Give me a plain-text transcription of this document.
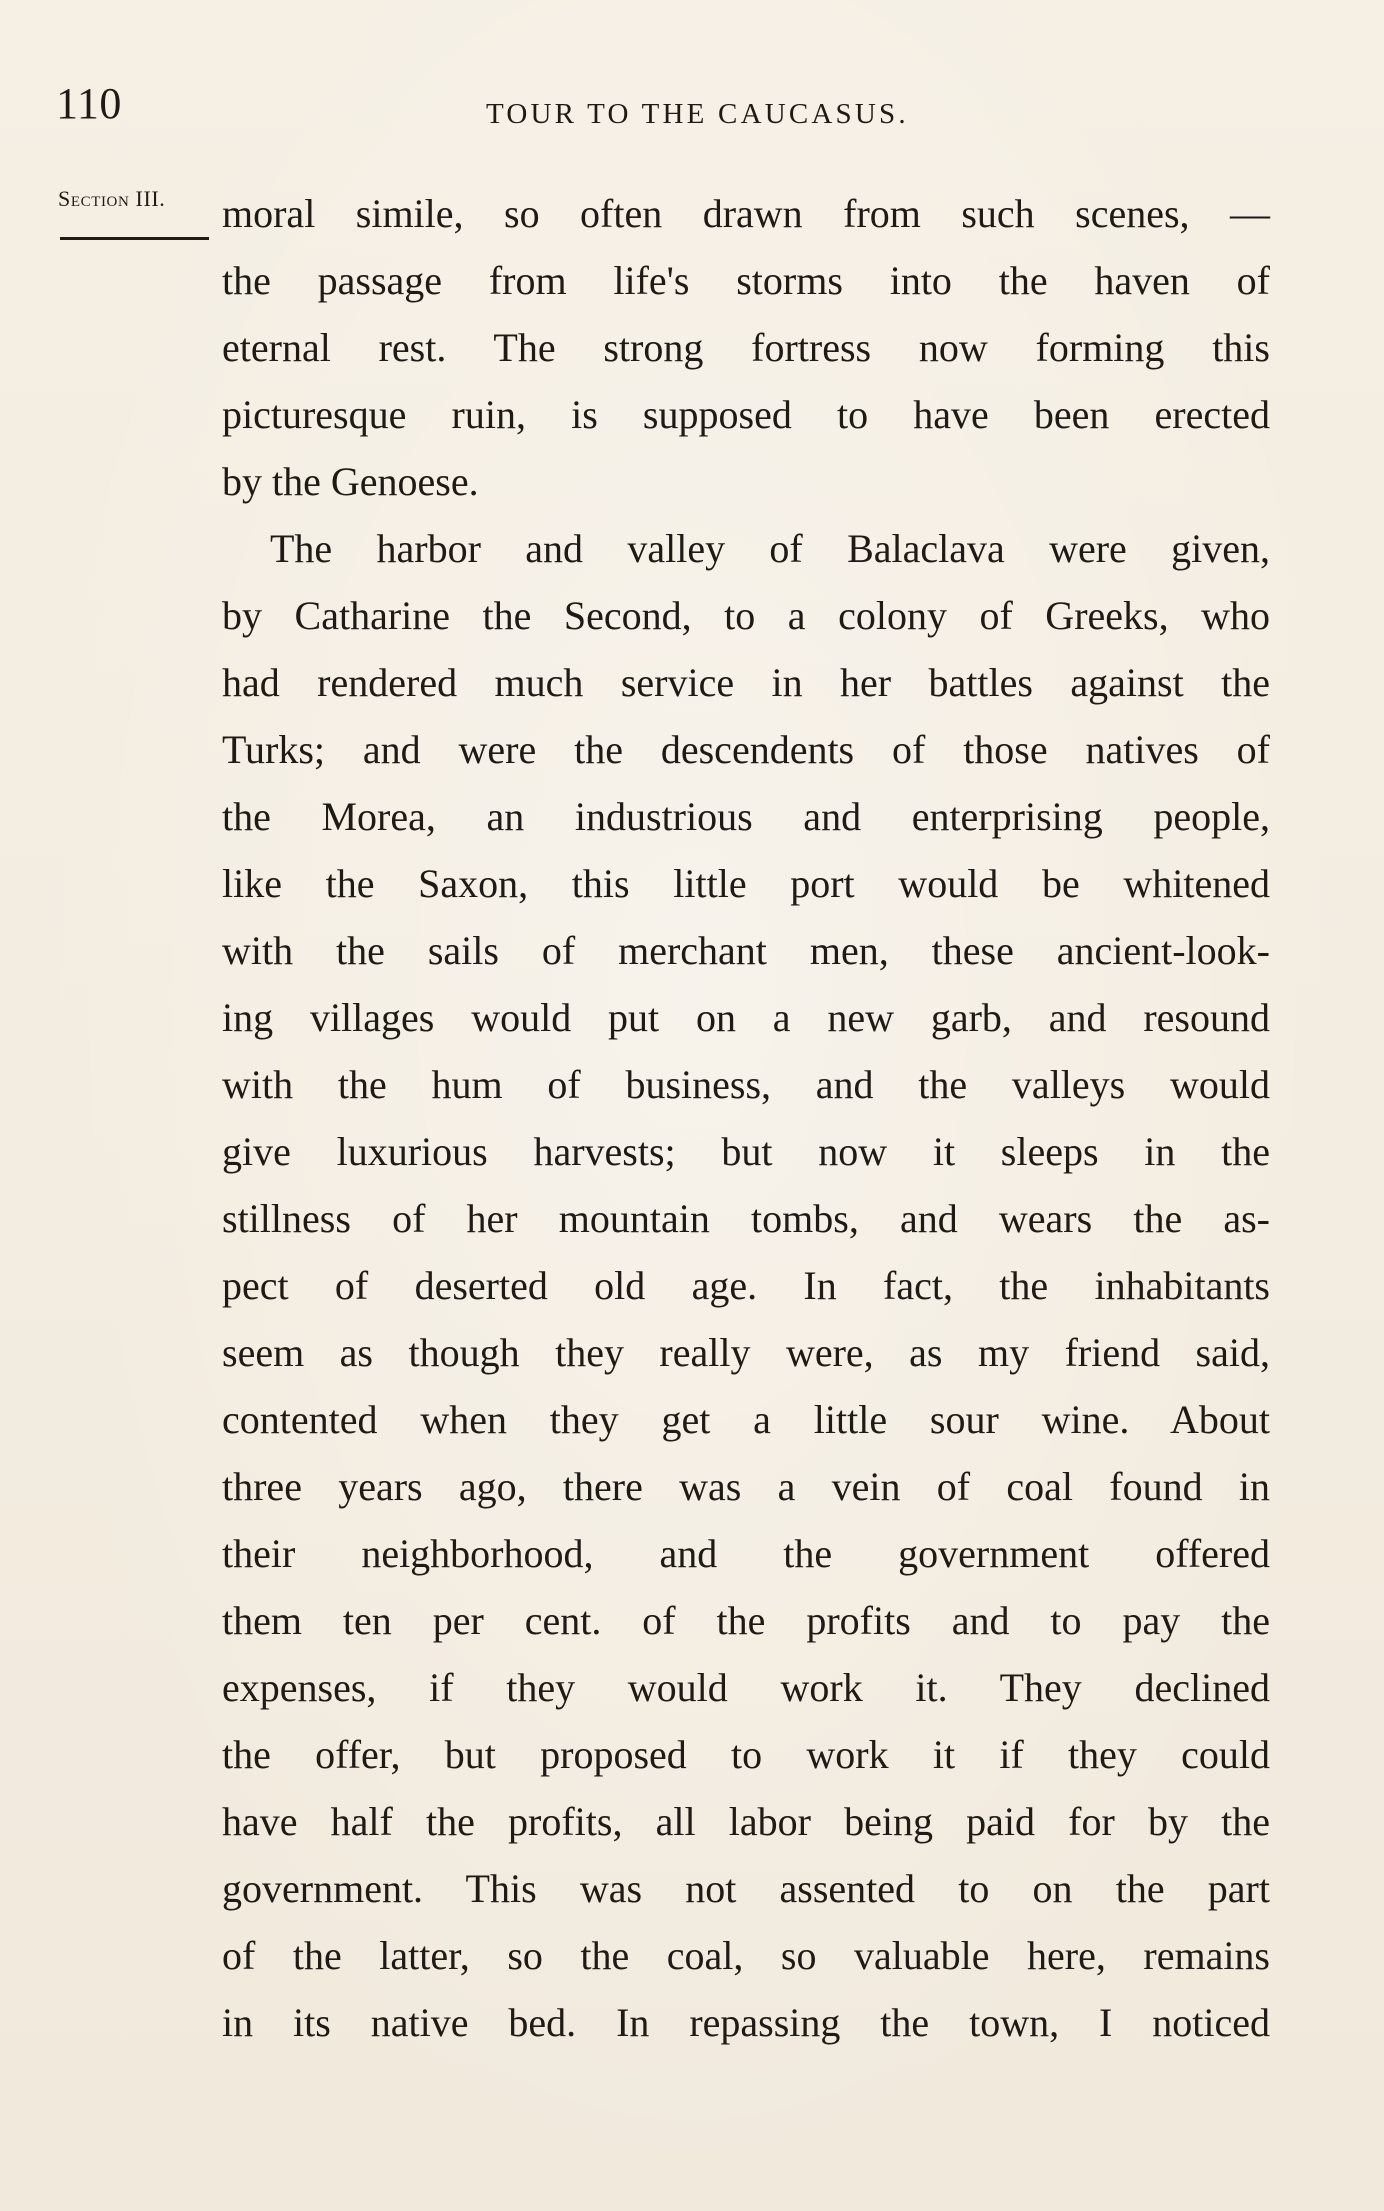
110	TOUR TO THE CAUCASUS.
Section III. moral simile, so often drawn from such scenes, —
the passage from life's storms into the haven of
eternal rest. The strong fortress now forming this
picturesque ruin, is supposed to have been erected
by the Genoese.
The harbor and valley of Balaclava were given,
by Catharine the Second, to a colony of Greeks, who
had rendered much service in her battles against the
Turks; and were the descendents of those natives of
the Morea, an industrious and enterprising people,
like the Saxon, this little port would be whitened
with the sails of merchant men, these ancient-look-
ing villages would put on a new garb, and resound
with the hum of business, and the valleys would
give luxurious harvests; but now it sleeps in the
stillness of her mountain tombs, and wears the as-
pect of deserted old age. In fact, the inhabitants
seem as though they really were, as my friend said,
contented when they get a little sour wine. About
three years ago, there was a vein of coal found in
their neighborhood, and the government offered
them ten per cent. of the profits and to pay the
expenses, if they would work it. They declined
the offer, but proposed to work it if they could
have half the profits, all labor being paid for by the
government. This was not assented to on the part
of the latter, so the coal, so valuable here, remains
in its native bed. In repassing the town, I noticed
